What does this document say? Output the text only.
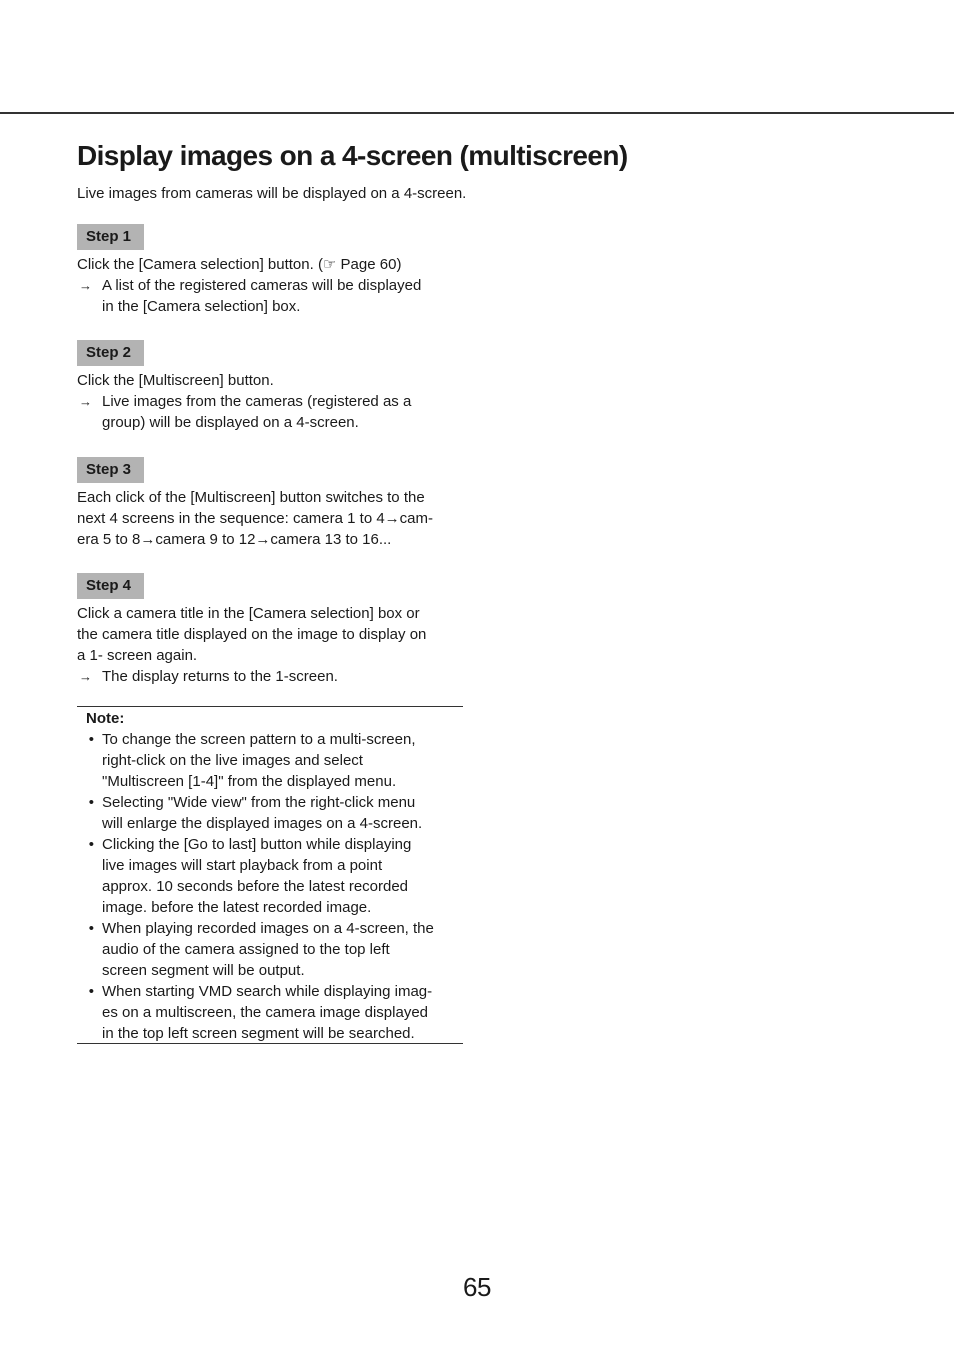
Display images on a 4-screen (multiscreen)
Live images from cameras will be displayed on a 4-screen.
Step 1
Click the [Camera selection] button. (☞ Page 60)
→ A list of the registered cameras will be displayed
in the [Camera selection] box.
Step 2
Click the [Multiscreen] button.
→ Live images from the cameras (registered as a
group) will be displayed on a 4-screen.
Step 3
Each click of the [Multiscreen] button switches to the
next 4 screens in the sequence: camera 1 to 4→cam-
era 5 to 8→camera 9 to 12→camera 13 to 16...
Step 4
Click a camera title in the [Camera selection] box or
the camera title displayed on the image to display on
a 1- screen again.
→ The display returns to the 1-screen.
Note:
• To change the screen pattern to a multi-screen,
right-click on the live images and select
"Multiscreen [1-4]" from the displayed menu.
• Selecting "Wide view" from the right-click menu
will enlarge the displayed images on a 4-screen.
• Clicking the [Go to last] button while displaying
live images will start playback from a point
approx. 10 seconds before the latest recorded
image. before the latest recorded image.
• When playing recorded images on a 4-screen, the
audio of the camera assigned to the top left
screen segment will be output.
• When starting VMD search while displaying imag-
es on a multiscreen, the camera image displayed
in the top left screen segment will be searched.
65
